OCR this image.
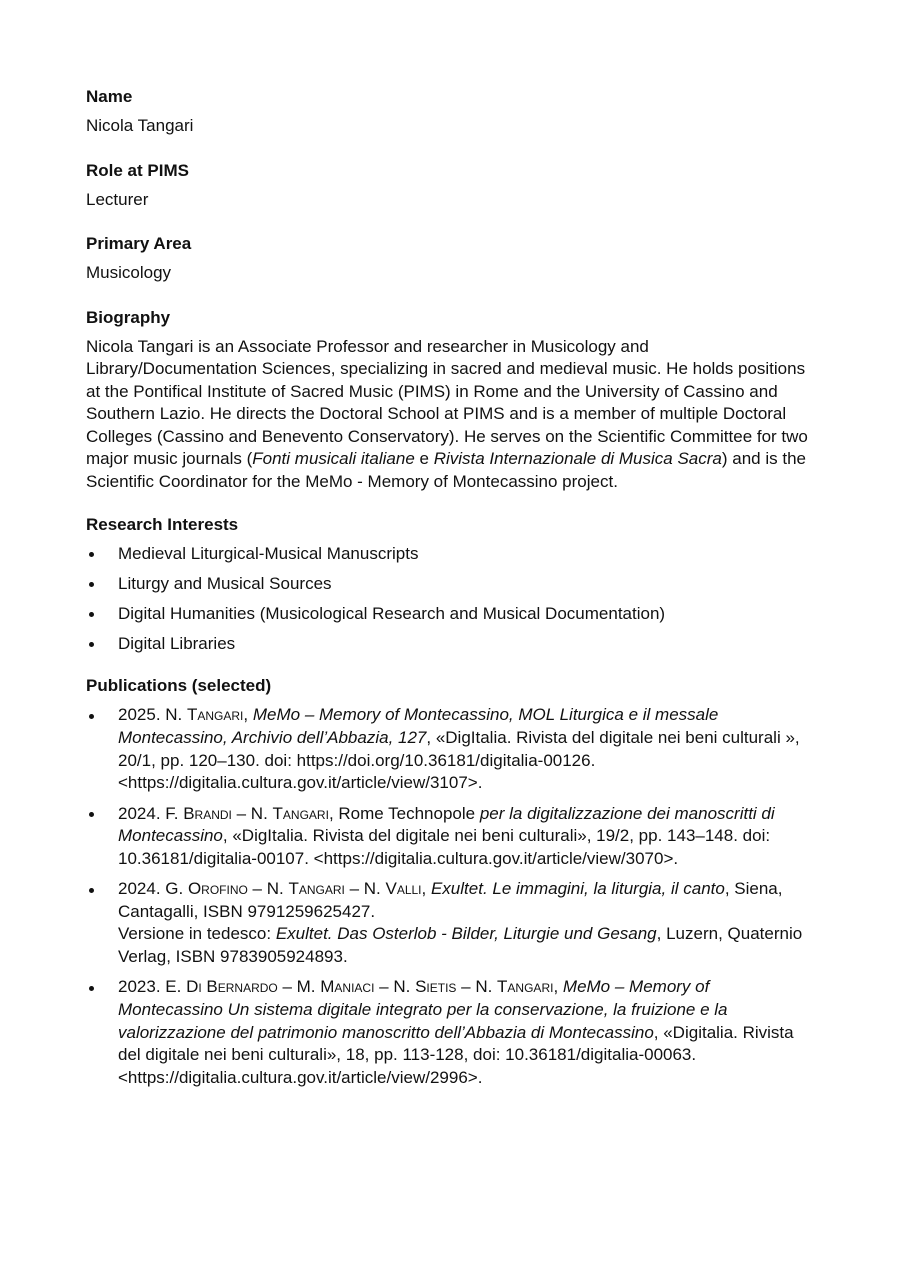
Name
Nicola Tangari
Role at PIMS
Lecturer
Primary Area
Musicology
Biography
Nicola Tangari is an Associate Professor and researcher in Musicology and Library/Documentation Sciences, specializing in sacred and medieval music. He holds positions at the Pontifical Institute of Sacred Music (PIMS) in Rome and the University of Cassino and Southern Lazio. He directs the Doctoral School at PIMS and is a member of multiple Doctoral Colleges (Cassino and Benevento Conservatory). He serves on the Scientific Committee for two major music journals (Fonti musicali italiane e Rivista Internazionale di Musica Sacra) and is the Scientific Coordinator for the MeMo - Memory of Montecassino project.
Research Interests
Medieval Liturgical-Musical Manuscripts
Liturgy and Musical Sources
Digital Humanities (Musicological Research and Musical Documentation)
Digital Libraries
Publications (selected)
2025. N. Tangari, MeMo – Memory of Montecassino, MOL Liturgica e il messale Montecassino, Archivio dell’Abbazia, 127, «DigItalia. Rivista del digitale nei beni culturali », 20/1, pp. 120–130. doi: https://doi.org/10.36181/digitalia-00126. <https://digitalia.cultura.gov.it/article/view/3107>.
2024. F. Brandi – N. Tangari, Rome Technopole per la digitalizzazione dei manoscritti di Montecassino, «DigItalia. Rivista del digitale nei beni culturali», 19/2, pp. 143–148. doi: 10.36181/digitalia-00107. <https://digitalia.cultura.gov.it/article/view/3070>.
2024. G. Orofino – N. Tangari – N. Valli, Exultet. Le immagini, la liturgia, il canto, Siena, Cantagalli, ISBN 9791259625427.
Versione in tedesco: Exultet. Das Osterlob - Bilder, Liturgie und Gesang, Luzern, Quaternio Verlag, ISBN 9783905924893.
2023. E. Di Bernardo – M. Maniaci – N. Sietis – N. Tangari, MeMo – Memory of Montecassino Un sistema digitale integrato per la conservazione, la fruizione e la valorizzazione del patrimonio manoscritto dell’Abbazia di Montecassino, «Digitalia. Rivista del digitale nei beni culturali», 18, pp. 113-128, doi: 10.36181/digitalia-00063. <https://digitalia.cultura.gov.it/article/view/2996>.
